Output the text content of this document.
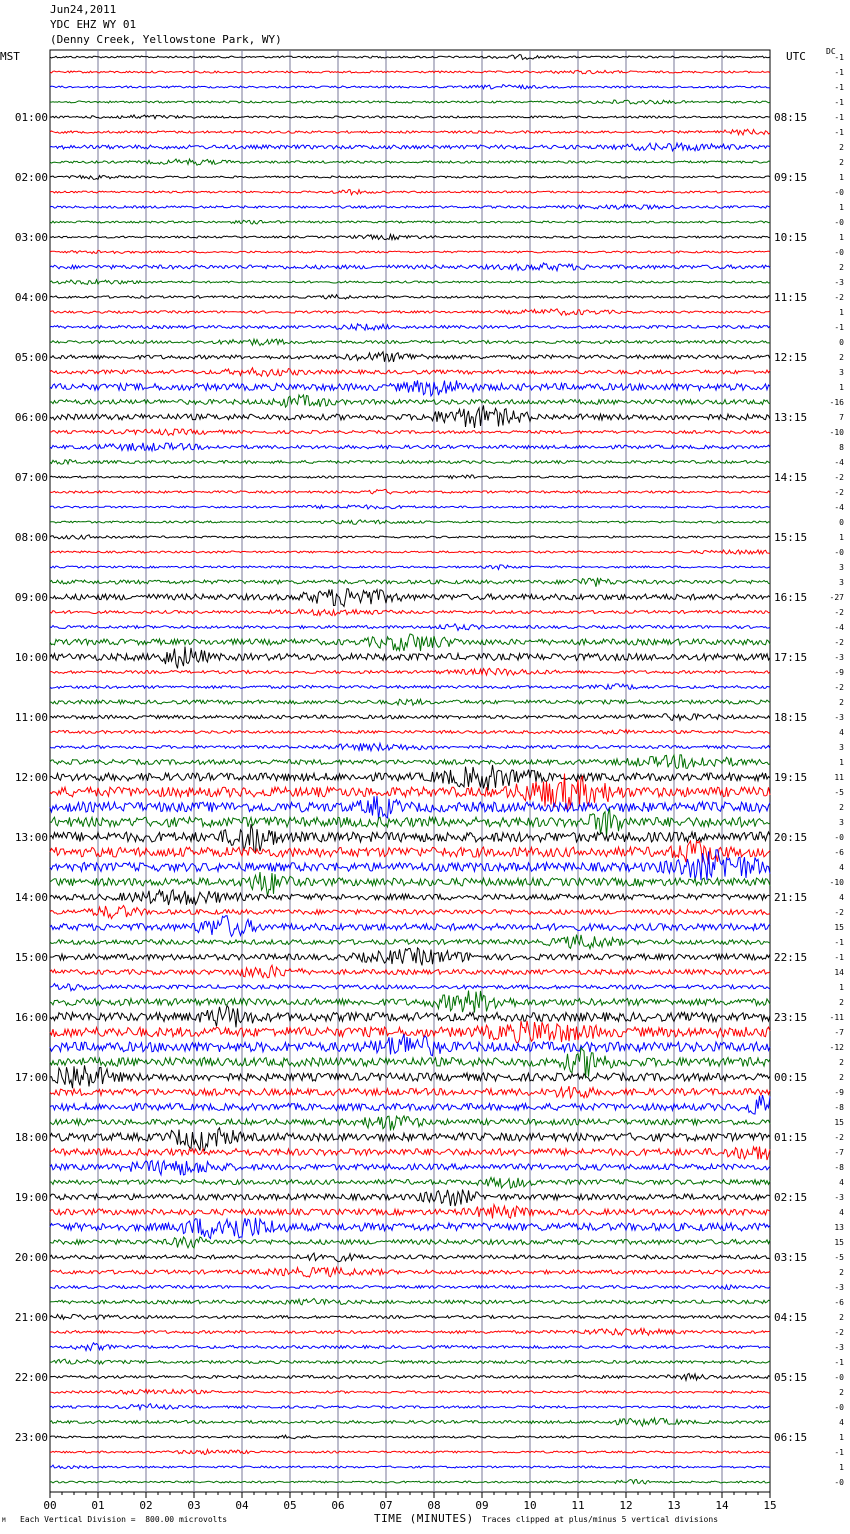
Jun24,2011
YDC EHZ WY 01
(Denny Creek, Yellowstone Park, WY)
MST	UTC	DC
00	01	02	03	04	05	06	07	08	09	10	11	12	13	14	15
-1
-1
-1
-1
-1
-1
2
2
1
-0
1
-0
1
-0
2
-3
-2
1
-1
0
2
3
1
-16
7
-10
8
-4
-2
-2
-4
0
1
-0
3
3
-27
-2
-4
-2
-3
-9
-2
2
-3
4
3
1
11
-5
2
3
-0
-6
4
-10
4
-2
15
-1
-1
14
1
2
-11
-7
-12
2
2
-9
-8
15
-2
-7
-8
4
-3
4
13
15
-5
2
-3
-6
2
-2
-3
-1
-0
2
-0
4
1
-1
1
-0
01:00
02:00
03:00
04:00
05:00
06:00
07:00
08:00
09:00
10:00
11:00
12:00
13:00
14:00
15:00
16:00
17:00
18:00
19:00
20:00
21:00
22:00
23:00
08:15
09:15
10:15
11:15
12:15
13:15
14:15
15:15
16:15
17:15
18:15
19:15
20:15
21:15
22:15
23:15
00:15
01:15
02:15
03:15
04:15
05:15
06:15
M Each Vertical Division =  800.00 microvolts	TIME (MINUTES) Traces clipped at plus/minus 5 vertical divisions
